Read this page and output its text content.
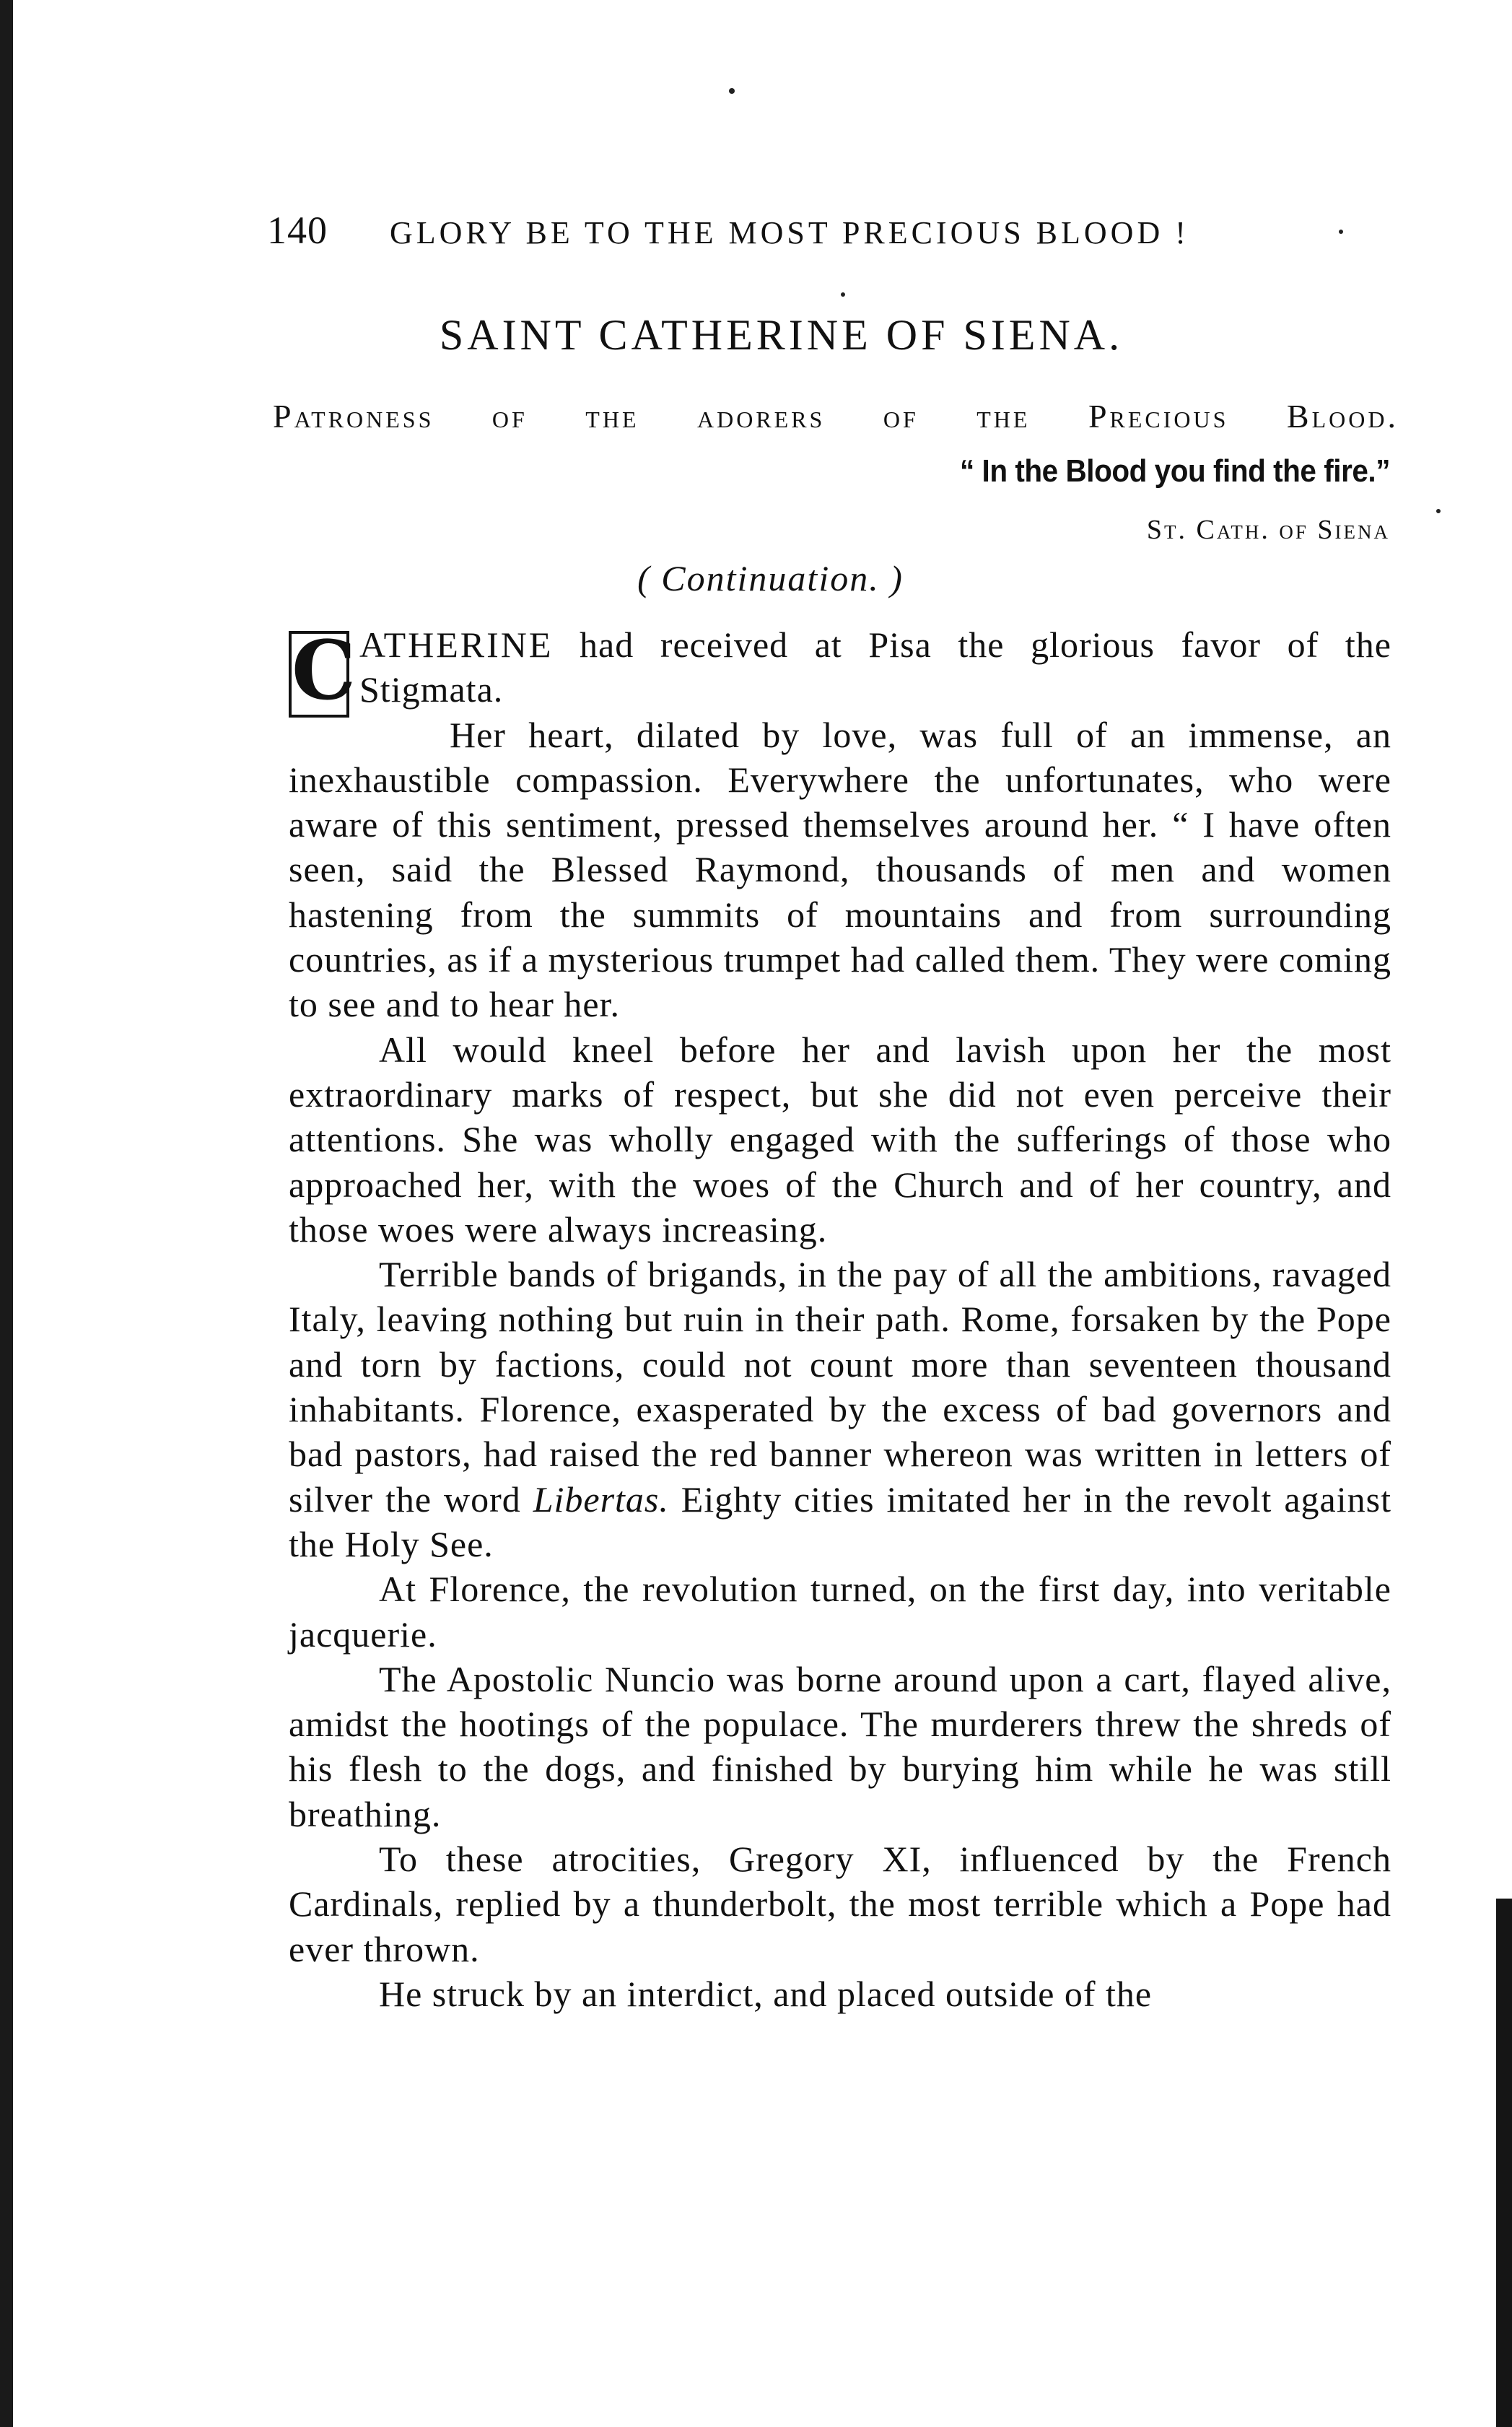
140	GLORY BE TO THE MOST PRECIOUS BLOOD !
SAINT CATHERINE OF SIENA.
Patroness of the adorers of the Precious Blood.
“ In the Blood you find the fire.”
St. Cath. of Siena
( Continuation. )

C ATHERINE had received at Pisa the glorious favor of the Stigmata.

Her heart, dilated by love, was full of an immense, an inexhaustible compassion. Everywhere the unfortunates, who were aware of this sentiment, pressed themselves around her. “ I have often seen, said the Blessed Raymond, thousands of men and women hastening from the summits of mountains and from surrounding countries, as if a mysterious trumpet had called them. They were coming to see and to hear her.

All would kneel before her and lavish upon her the most extraordinary marks of respect, but she did not even perceive their attentions. She was wholly engaged with the sufferings of those who approached her, with the woes of the Church and of her country, and those woes were always increasing.

Terrible bands of brigands, in the pay of all the ambitions, ravaged Italy, leaving nothing but ruin in their path. Rome, forsaken by the Pope and torn by factions, could not count more than seventeen thousand inhabitants. Florence, exasperated by the excess of bad governors and bad pastors, had raised the red banner whereon was written in letters of silver the word Libertas. Eighty cities imitated her in the revolt against the Holy See.

At Florence, the revolution turned, on the first day, into veritable jacquerie.

The Apostolic Nuncio was borne around upon a cart, flayed alive, amidst the hootings of the populace. The murderers threw the shreds of his flesh to the dogs, and finished by burying him while he was still breathing.

To these atrocities, Gregory XI, influenced by the French Cardinals, replied by a thunderbolt, the most terrible which a Pope had ever thrown.

He struck by an interdict, and placed outside of the
